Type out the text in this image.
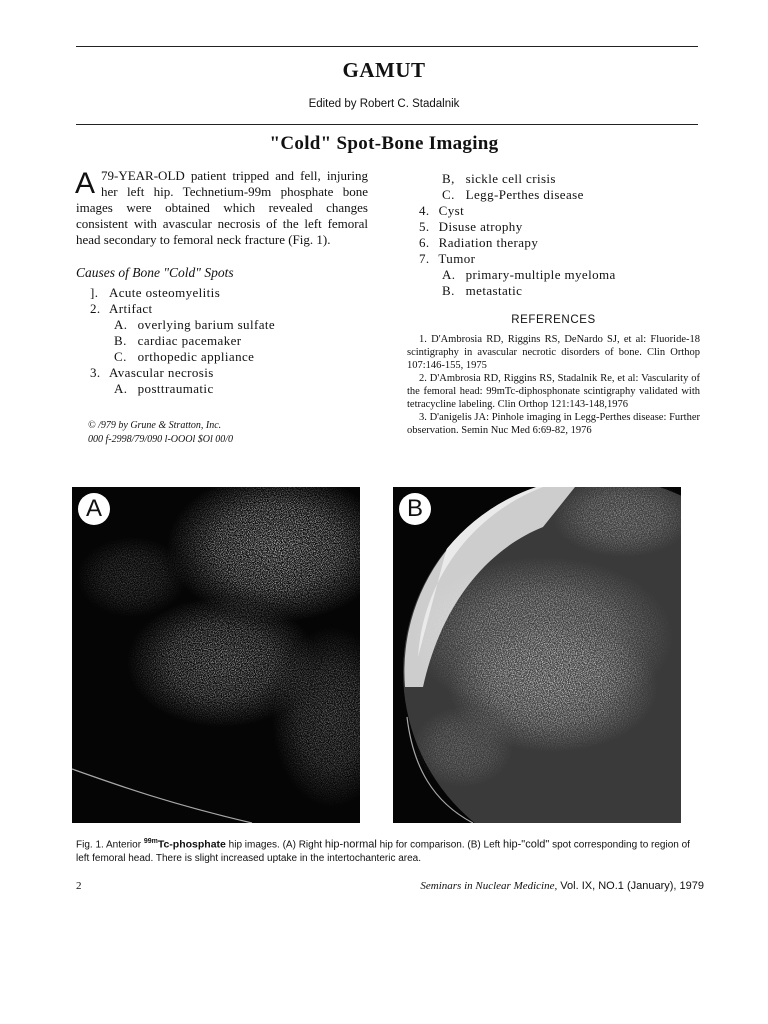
GAMUT
Edited by Robert C. Stadalnik
"Cold" Spot-Bone Imaging

A 79-YEAR-OLD patient tripped and fell, injuring her left hip. Technetium-99m phosphate bone images were obtained which revealed changes consistent with avascular necrosis of the left femoral head secondary to femoral neck fracture (Fig. 1).

Causes of Bone "Cold" Spots
]. Acute osteomyelitis
2. Artifact
A. overlying barium sulfate
B. cardiac pacemaker
C. orthopedic appliance
3. Avascular necrosis
A. posttraumatic
© /979 by Grune & Stratton, Inc.
000 f-2998/79/090 l-OOOl $Ol 00/0
B, sickle cell crisis
C. Legg-Perthes disease
4. Cyst
5. Disuse atrophy
6. Radiation therapy
7. Tumor
A. primary-multiple myeloma
B. metastatic
REFERENCES

1. D'Ambrosia RD, Riggins RS, DeNardo SJ, et al: Fluoride-18 scintigraphy in avascular necrotic disorders of bone. Clin Orthop 107:146-155, 1975

2. D'Ambrosia RD, Riggins RS, Stadalnik Re, et al: Vascularity of the femoral head: 99mTc-diphosphonate scintigraphy validated with tetracycline labeling. Clin Orthop 121:143-148,1976

3. D'anigelis JA: Pinhole imaging in Legg-Perthes disease: Further observation. Semin Nuc Med 6:69-82, 1976

A	B
Fig. 1. Anterior $^{99m}$Tc-phosphate hip images. (A) Right hip-normal hip for comparison. (B) Left hip-"cold" spot corresponding to region of left femoral head. There is slight increased uptake in the intertochanteric area.
2	Seminars in Nuclear Medicine, Vol. IX, NO.1 (January), 1979
